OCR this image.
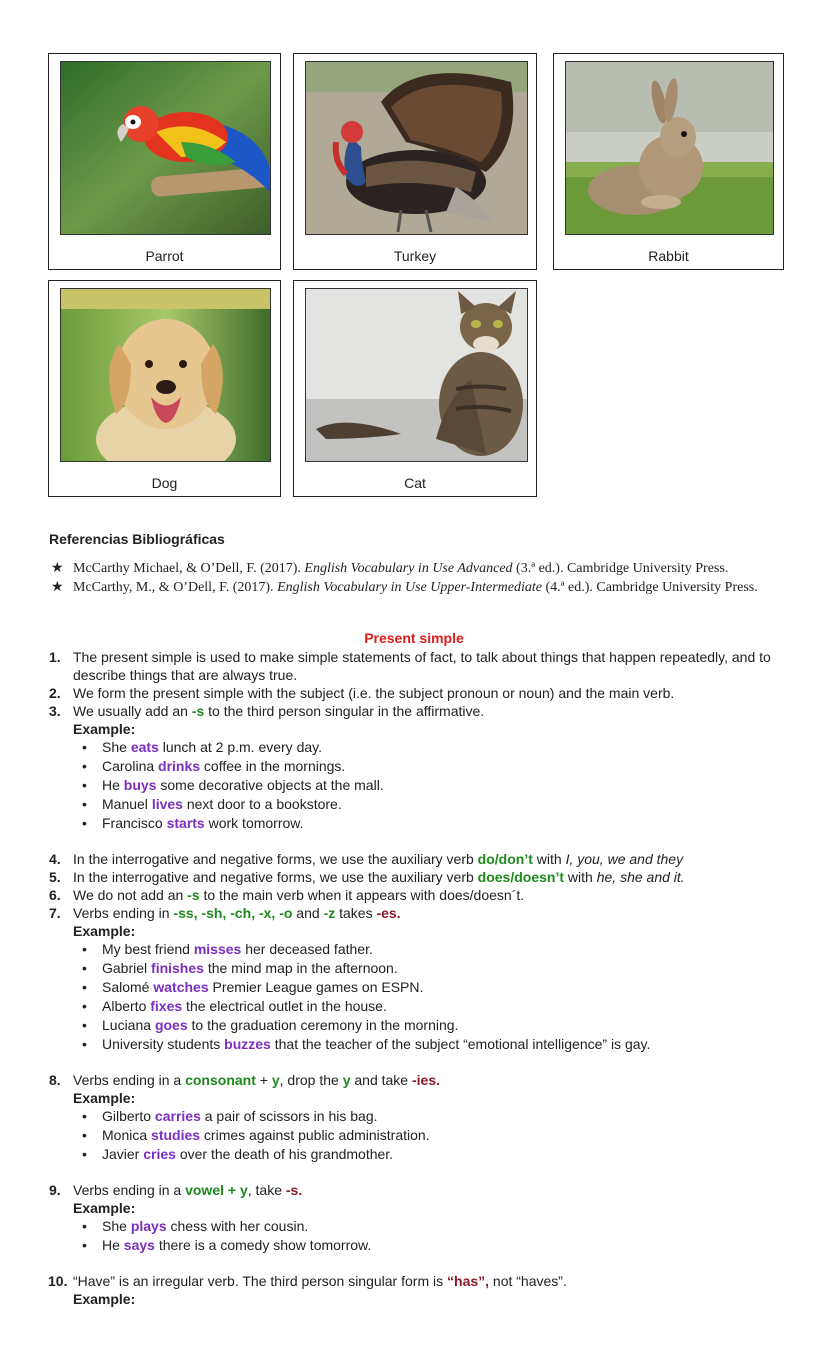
Parrot	Turkey	Rabbit
Dog	Cat
Referencias Bibliográficas
★ McCarthy Michael, & O’Dell, F. (2017). English Vocabulary in Use Advanced (3.ª ed.). Cambridge University Press.
★ McCarthy, M., & O’Dell, F. (2017). English Vocabulary in Use Upper-Intermediate (4.ª ed.). Cambridge University Press.
Present simple
1. The present simple is used to make simple statements of fact, to talk about things that happen repeatedly, and to describe things that are always true.
2. We form the present simple with the subject (i.e. the subject pronoun or noun) and the main verb.
3. We usually add an -s to the third person singular in the affirmative.
Example:
• She eats lunch at 2 p.m. every day.
• Carolina drinks coffee in the mornings.
• He buys some decorative objects at the mall.
• Manuel lives next door to a bookstore.
• Francisco starts work tomorrow.
4. In the interrogative and negative forms, we use the auxiliary verb do/don’t with I, you, we and they
5. In the interrogative and negative forms, we use the auxiliary verb does/doesn’t with he, she and it.
6. We do not add an -s to the main verb when it appears with does/doesn´t.
7. Verbs ending in -ss, -sh, -ch, -x, -o and -z takes -es.
Example:
• My best friend misses her deceased father.
• Gabriel finishes the mind map in the afternoon.
• Salomé watches Premier League games on ESPN.
• Alberto fixes the electrical outlet in the house.
• Luciana goes to the graduation ceremony in the morning.
• University students buzzes that the teacher of the subject “emotional intelligence” is gay.
8. Verbs ending in a consonant + y, drop the y and take -ies.
Example:
• Gilberto carries a pair of scissors in his bag.
• Monica studies crimes against public administration.
• Javier cries over the death of his grandmother.
9. Verbs ending in a vowel + y, take -s.
Example:
• She plays chess with her cousin.
• He says there is a comedy show tomorrow.
10. “Have” is an irregular verb. The third person singular form is “has”, not “haves”.
Example:
